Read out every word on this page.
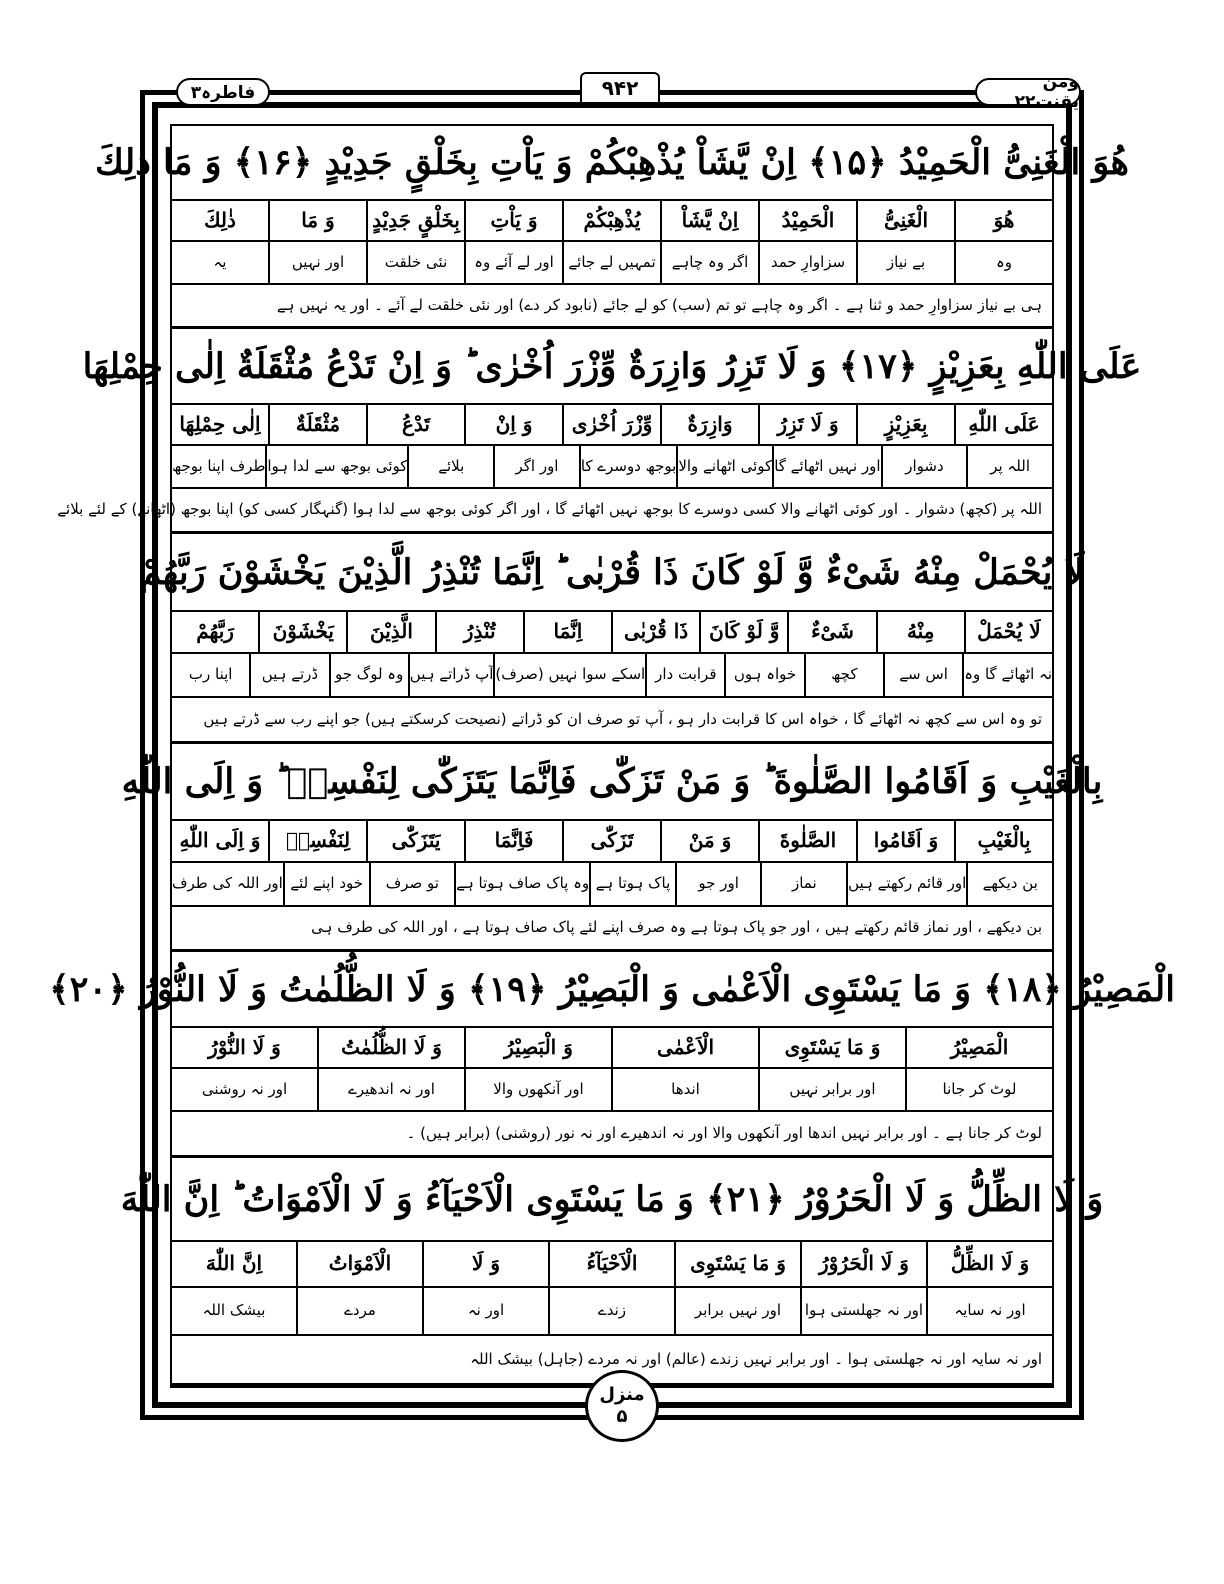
فاطرہ۳	۹۴۲	ومن یقنت۲۲
هُوَ الْغَنِیُّ الْحَمِیْدُ ﴿۱۵﴾ اِنْ یَّشَاْ یُذْهِبْكُمْ وَ یَاْتِ بِخَلْقٍ جَدِیْدٍ ﴿۱۶﴾ وَ مَا ذٰلِكَ
هُوَ
الْغَنِیُّ
الْحَمِیْدُ
اِنْ یَّشَاْ
یُذْهِبْكُمْ
وَ یَاْتِ
بِخَلْقٍ جَدِیْدٍ
وَ مَا
ذٰلِكَ
وہ
بے نیاز
سزاوارِ حمد
اگر وہ چاہے
تمہیں لے جائے
اور لے آئے وہ
نئی خلقت
اور نہیں
یہ
ہی بے نیاز سزاوارِ حمد و ثنا ہے ۔ اگر وہ چاہے تو تم (سب) کو لے جائے (نابود کر دے) اور نئی خلقت لے آئے ۔ اور یہ نہیں ہے
عَلَى اللّٰهِ بِعَزِیْزٍ ﴿۱۷﴾ وَ لَا تَزِرُ وَازِرَةٌ وِّزْرَ اُخْرٰى ؕ وَ اِنْ تَدْعُ مُثْقَلَةٌ اِلٰى حِمْلِهَا
عَلَى اللّٰهِ
بِعَزِیْزٍ
وَ لَا تَزِرُ
وَازِرَةٌ
وِّزْرَ اُخْرٰى
وَ اِنْ
تَدْعُ
مُثْقَلَةٌ
اِلٰى حِمْلِهَا
اللہ پر
دشوار
اور نہیں اٹھائے گا
کوئی اٹھانے والا
بوجھ دوسرے کا
اور اگر
بلائے
کوئی بوجھ سے لدا ہوا
طرف اپنا بوجھ
اللہ پر (کچھ) دشوار ۔ اور کوئی اٹھانے والا کسی دوسرے کا بوجھ نہیں اٹھائے گا ، اور اگر کوئی بوجھ سے لدا ہوا (گنہگار کسی کو) اپنا بوجھ (اٹھانے) کے لئے بلائے
لَا یُحْمَلْ مِنْهُ شَیْءٌ وَّ لَوْ كَانَ ذَا قُرْبٰى ؕ اِنَّمَا تُنْذِرُ الَّذِیْنَ یَخْشَوْنَ رَبَّهُمْ
لَا یُحْمَلْ
مِنْهُ
شَیْءٌ
وَّ لَوْ كَانَ
ذَا قُرْبٰى
اِنَّمَا
تُنْذِرُ
الَّذِیْنَ
یَخْشَوْنَ
رَبَّهُمْ
نہ اٹھائے گا وہ
اس سے
کچھ
خواہ ہوں
قرابت دار
اسکے سوا نہیں (صرف)
آپ ڈراتے ہیں
وہ لوگ جو
ڈرتے ہیں
اپنا رب
تو وہ اس سے کچھ نہ اٹھائے گا ، خواہ اس کا قرابت دار ہو ، آپ تو صرف ان کو ڈراتے (نصیحت کرسکتے ہیں) جو اپنے رب سے ڈرتے ہیں
بِالْغَیْبِ وَ اَقَامُوا الصَّلٰوةَ ؕ وَ مَنْ تَزَكّٰى فَاِنَّمَا یَتَزَكّٰى لِنَفْسِهٖ ؕ وَ اِلَى اللّٰهِ
بِالْغَیْبِ
وَ اَقَامُوا
الصَّلٰوةَ
وَ مَنْ
تَزَكّٰى
فَاِنَّمَا
یَتَزَكّٰى
لِنَفْسِهٖ
وَ اِلَى اللّٰهِ
بن دیکھے
اور قائم رکھتے ہیں
نماز
اور جو
پاک ہوتا ہے
وہ پاک صاف ہوتا ہے
تو صرف
خود اپنے لئے
اور اللہ کی طرف
بن دیکھے ، اور نماز قائم رکھتے ہیں ، اور جو پاک ہوتا ہے وہ صرف اپنے لئے پاک صاف ہوتا ہے ، اور اللہ کی طرف ہی
الْمَصِیْرُ ﴿۱۸﴾ وَ مَا یَسْتَوِی الْاَعْمٰى وَ الْبَصِیْرُ ﴿۱۹﴾ وَ لَا الظُّلُمٰتُ وَ لَا النُّوْرُ ﴿۲۰﴾
الْمَصِیْرُ
وَ مَا یَسْتَوِی
الْاَعْمٰى
وَ الْبَصِیْرُ
وَ لَا الظُّلُمٰتُ
وَ لَا النُّوْرُ
لوٹ کر جانا
اور برابر نہیں
اندھا
اور آنکھوں والا
اور نہ اندھیرے
اور نہ روشنی
لوٹ کر جانا ہے ۔ اور برابر نہیں اندھا اور آنکھوں والا اور نہ اندھیرے اور نہ نور (روشنی) (برابر ہیں) ۔
وَ لَا الظِّلُّ وَ لَا الْحَرُوْرُ ﴿۲۱﴾ وَ مَا یَسْتَوِی الْاَحْیَآءُ وَ لَا الْاَمْوَاتُ ؕ اِنَّ اللّٰهَ
وَ لَا الظِّلُّ
وَ لَا الْحَرُوْرُ
وَ مَا یَسْتَوِی
الْاَحْیَآءُ
وَ لَا
الْاَمْوَاتُ
اِنَّ اللّٰهَ
اور نہ سایہ
اور نہ جھلستی ہوا
اور نہیں برابر
زندے
اور نہ
مردے
بیشک اللہ
اور نہ سایہ اور نہ جھلستی ہوا ۔ اور برابر نہیں زندے (عالم) اور نہ مردے (جاہل) بیشک اللہ
منزل
۵
